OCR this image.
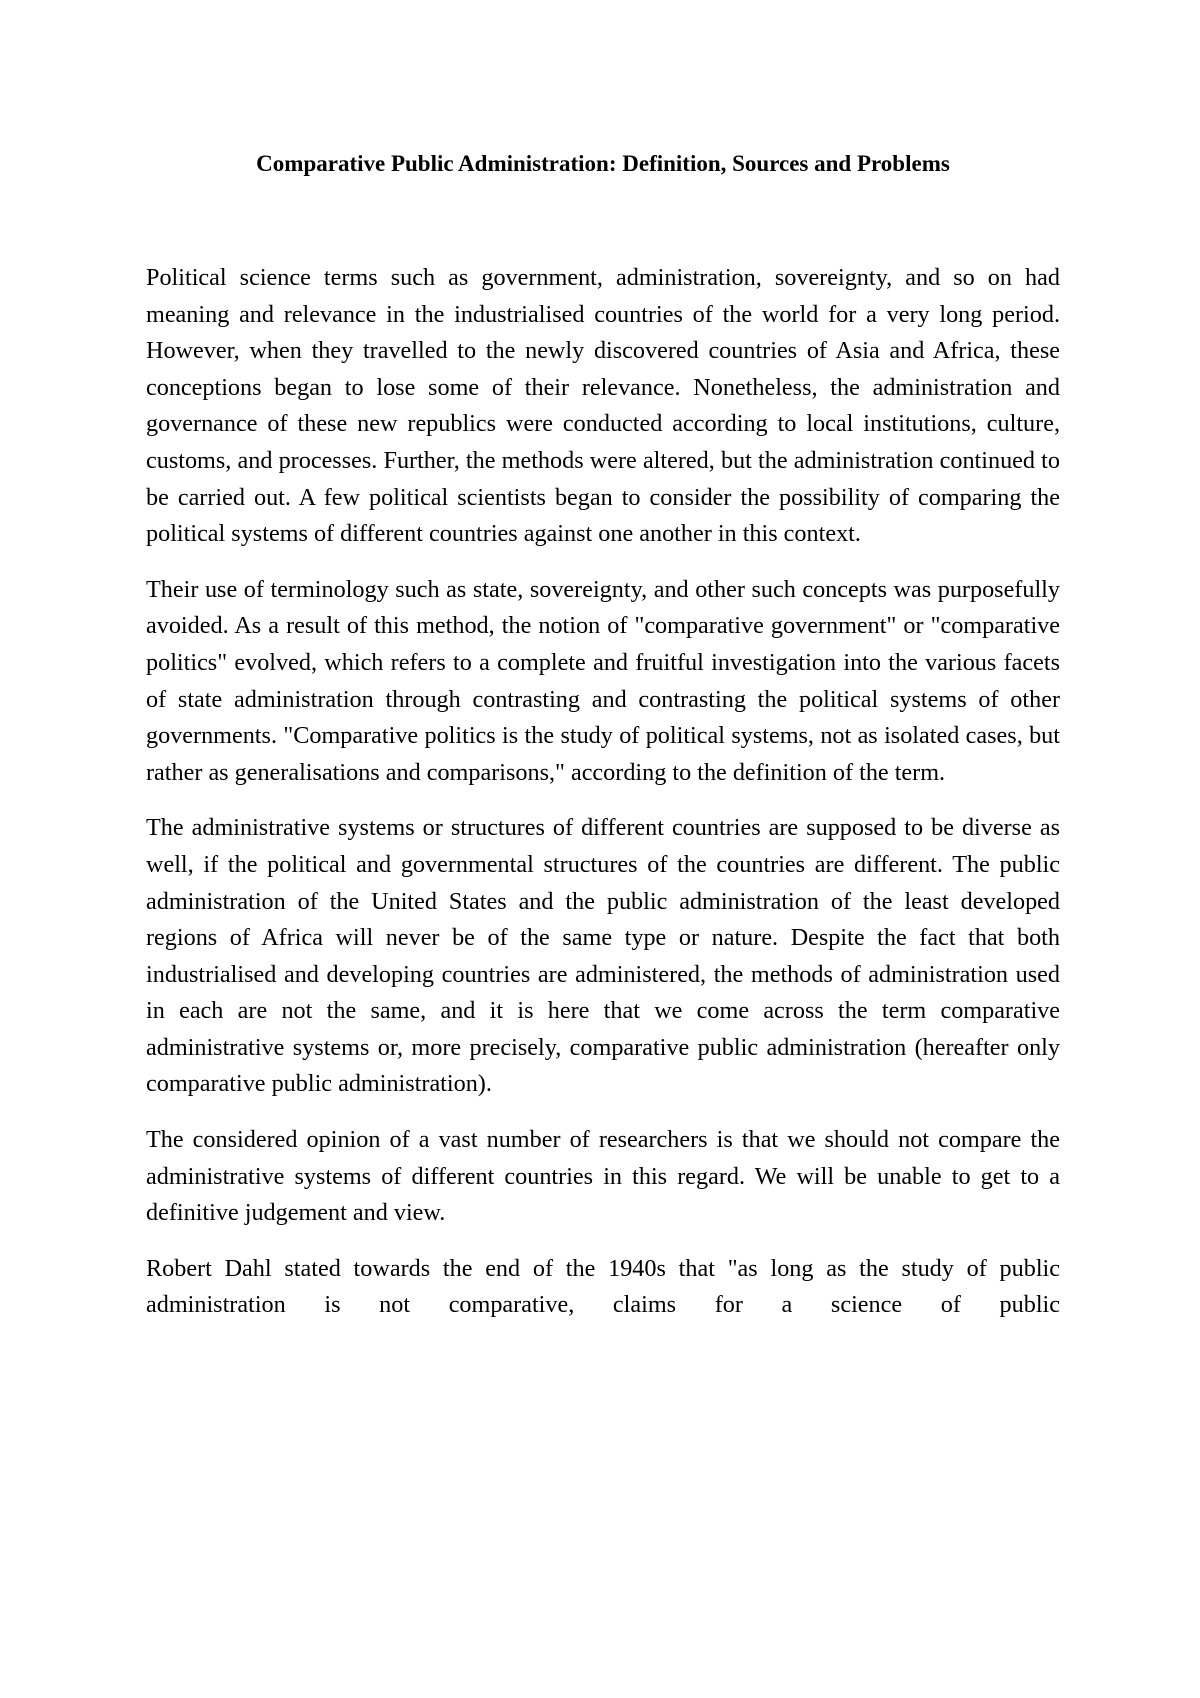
Comparative Public Administration: Definition, Sources and Problems

Political science terms such as government, administration, sovereignty, and so on had meaning and relevance in the industrialised countries of the world for a very long period. However, when they travelled to the newly discovered countries of Asia and Africa, these conceptions began to lose some of their relevance. Nonetheless, the administration and governance of these new republics were conducted according to local institutions, culture, customs, and processes. Further, the methods were altered, but the administration continued to be carried out. A few political scientists began to consider the possibility of comparing the political systems of different countries against one another in this context.

Their use of terminology such as state, sovereignty, and other such concepts was purposefully avoided. As a result of this method, the notion of "comparative government" or "comparative politics" evolved, which refers to a complete and fruitful investigation into the various facets of state administration through contrasting and contrasting the political systems of other governments. "Comparative politics is the study of political systems, not as isolated cases, but rather as generalisations and comparisons," according to the definition of the term.

The administrative systems or structures of different countries are supposed to be diverse as well, if the political and governmental structures of the countries are different. The public administration of the United States and the public administration of the least developed regions of Africa will never be of the same type or nature. Despite the fact that both industrialised and developing countries are administered, the methods of administration used in each are not the same, and it is here that we come across the term comparative administrative systems or, more precisely, comparative public administration (hereafter only comparative public administration).

The considered opinion of a vast number of researchers is that we should not compare the administrative systems of different countries in this regard. We will be unable to get to a definitive judgement and view.

Robert Dahl stated towards the end of the 1940s that "as long as the study of public administration is not comparative, claims for a science of public
